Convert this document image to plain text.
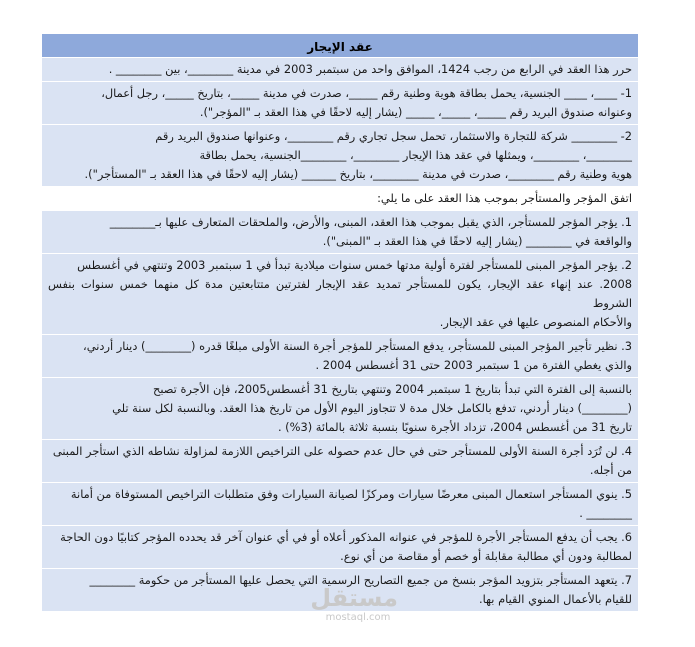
عقد الإيجار

حرر هذا العقد في الرابع من رجب 1424، الموافق واحد من سبتمبر 2003 في مدينة ________، بين ________ .

1- ____، ____ الجنسية، يحمل بطاقة هوية وطنية رقم _____، صدرت في مدينة _____، بتاريخ _____، رجل أعمال،

وعنوانه صندوق البريد رقم _____، _____، _____ (يشار إليه لاحقًا في هذا العقد بـ "المؤجر").

2- ________ شركة للتجارة والاستثمار، تحمل سجل تجاري رقم ________، وعنوانها صندوق البريد رقم

________، ________، ويمثلها في عقد هذا الإيجار ________، ________الجنسية، يحمل بطاقة

هوية وطنية رقم ________، صدرت في مدينة ________، بتاريخ ______ (يشار إليه لاحقًا في هذا العقد بـ "المستأجر").

اتفق المؤجر والمستأجر بموجب هذا العقد على ما يلي:

1. يؤجر المؤجر للمستأجر، الذي يقبل بموجب هذا العقد، المبنى، والأرض، والملحقات المتعارف عليها بـ________

والواقعة في ________ (يشار إليه لاحقًا في هذا العقد بـ "المبنى").

2. يؤجر المؤجر المبنى للمستأجر لفترة أولية مدتها خمس سنوات ميلادية تبدأ في 1 سبتمبر 2003 وتنتهي في أغسطس

2008. عند إنهاء عقد الإيجار، يكون للمستأجر تمديد عقد الإيجار لفترتين متتابعتين مدة كل منهما خمس سنوات بنفس الشروط

والأحكام المنصوص عليها في عقد الإيجار.

3. نظير تأجير المؤجر المبنى للمستأجر، يدفع المستأجر للمؤجر أجرة السنة الأولى مبلغًا قدره (________) دينار أردني،

والذي يغطي الفترة من 1 سبتمبر 2003 حتى 31 أغسطس 2004 .

بالنسبة إلى الفترة التي تبدأ بتاريخ 1 سبتمبر 2004 وتنتهي بتاريخ 31 أغسطس2005، فإن الأجرة تصبح

(________) دينار أردني، تدفع بالكامل خلال مدة لا تتجاوز اليوم الأول من تاريخ هذا العقد. وبالنسبة لكل سنة تلي

تاريخ 31 من أغسطس 2004، تزداد الأجرة سنويًا بنسبة ثلاثة بالمائة (3%) .

4. لن تُرَد أجرة السنة الأولى للمستأجر حتى في حال عدم حصوله على التراخيص اللازمة لمزاولة نشاطه الذي استأجر المبنى

من أجله.

5. ينوي المستأجر استعمال المبنى معرضًا سيارات ومركزًا لصيانة السيارات وفق متطلبات التراخيص المستوفاة من أمانة

________ .

6. يجب أن يدفع المستأجر الأجرة للمؤجر في عنوانه المذكور أعلاه أو في أي عنوان آخر قد يحدده المؤجر كتابيًا دون الحاجة

لمطالبة ودون أي مطالبة مقابلة أو خصم أو مقاصة من أي نوع.

7. يتعهد المستأجر بتزويد المؤجر بنسخ من جميع التصاريح الرسمية التي يحصل عليها المستأجر من حكومة ________

للقيام بالأعمال المنوي القيام بها.

مستقل
mostaql.com
